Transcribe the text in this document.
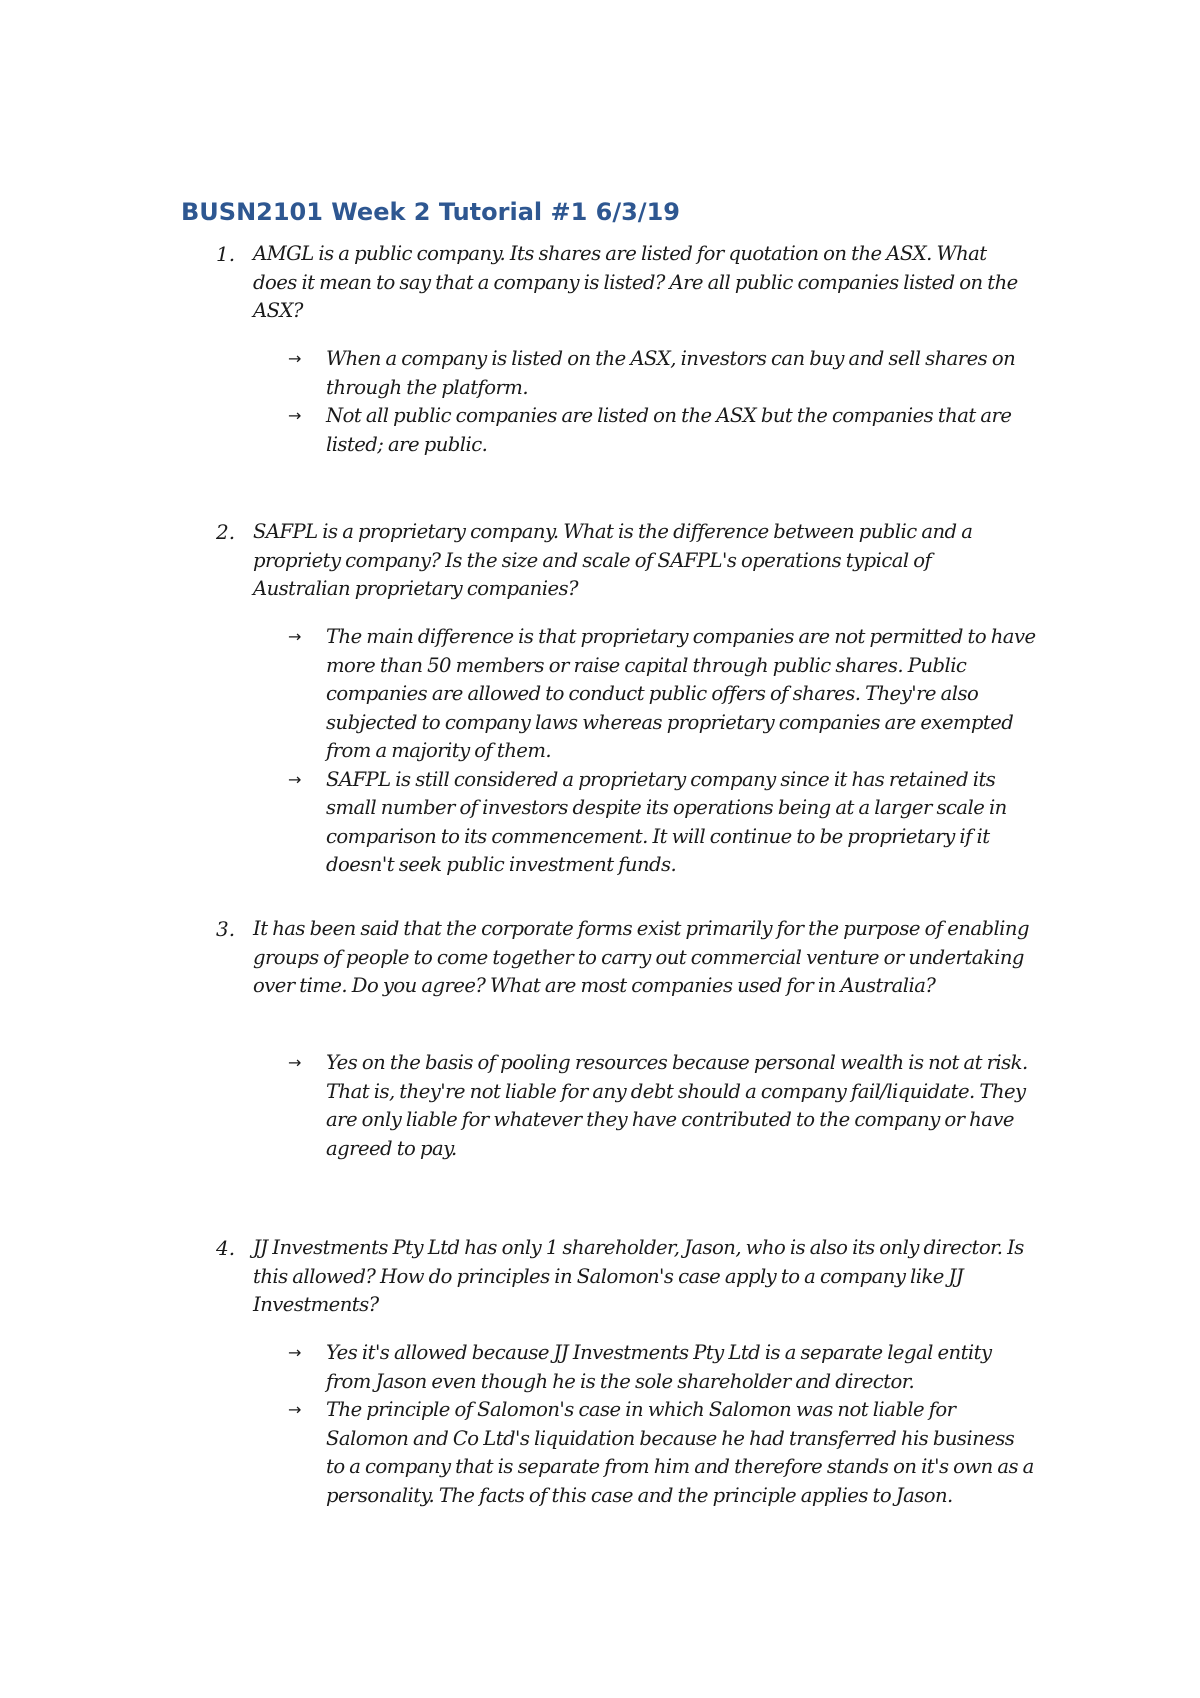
BUSN2101 Week 2 Tutorial #1 6/3/19
1. AMGL is a public company. Its shares are listed for quotation on the ASX. What does it mean to say that a company is listed? Are all public companies listed on the ASX?

→ When a company is listed on the ASX, investors can buy and sell shares on through the platform.
→ Not all public companies are listed on the ASX but the companies that are listed; are public.
2. SAFPL is a proprietary company. What is the difference between public and a propriety company? Is the size and scale of SAFPL's operations typical of Australian proprietary companies?

→ The main difference is that proprietary companies are not permitted to have more than 50 members or raise capital through public shares. Public companies are allowed to conduct public offers of shares. They're also subjected to company laws whereas proprietary companies are exempted from a majority of them.
→ SAFPL is still considered a proprietary company since it has retained its small number of investors despite its operations being at a larger scale in comparison to its commencement. It will continue to be proprietary if it doesn't seek public investment funds.
3. It has been said that the corporate forms exist primarily for the purpose of enabling groups of people to come together to carry out commercial venture or undertaking over time. Do you agree? What are most companies used for in Australia?

→ Yes on the basis of pooling resources because personal wealth is not at risk. That is, they're not liable for any debt should a company fail/liquidate. They are only liable for whatever they have contributed to the company or have agreed to pay.
4. JJ Investments Pty Ltd has only 1 shareholder, Jason, who is also its only director. Is this allowed? How do principles in Salomon's case apply to a company like JJ Investments?

→ Yes it's allowed because JJ Investments Pty Ltd is a separate legal entity from Jason even though he is the sole shareholder and director.
→ The principle of Salomon's case in which Salomon was not liable for Salomon and Co Ltd's liquidation because he had transferred his business to a company that is separate from him and therefore stands on it's own as a personality. The facts of this case and the principle applies to Jason.
